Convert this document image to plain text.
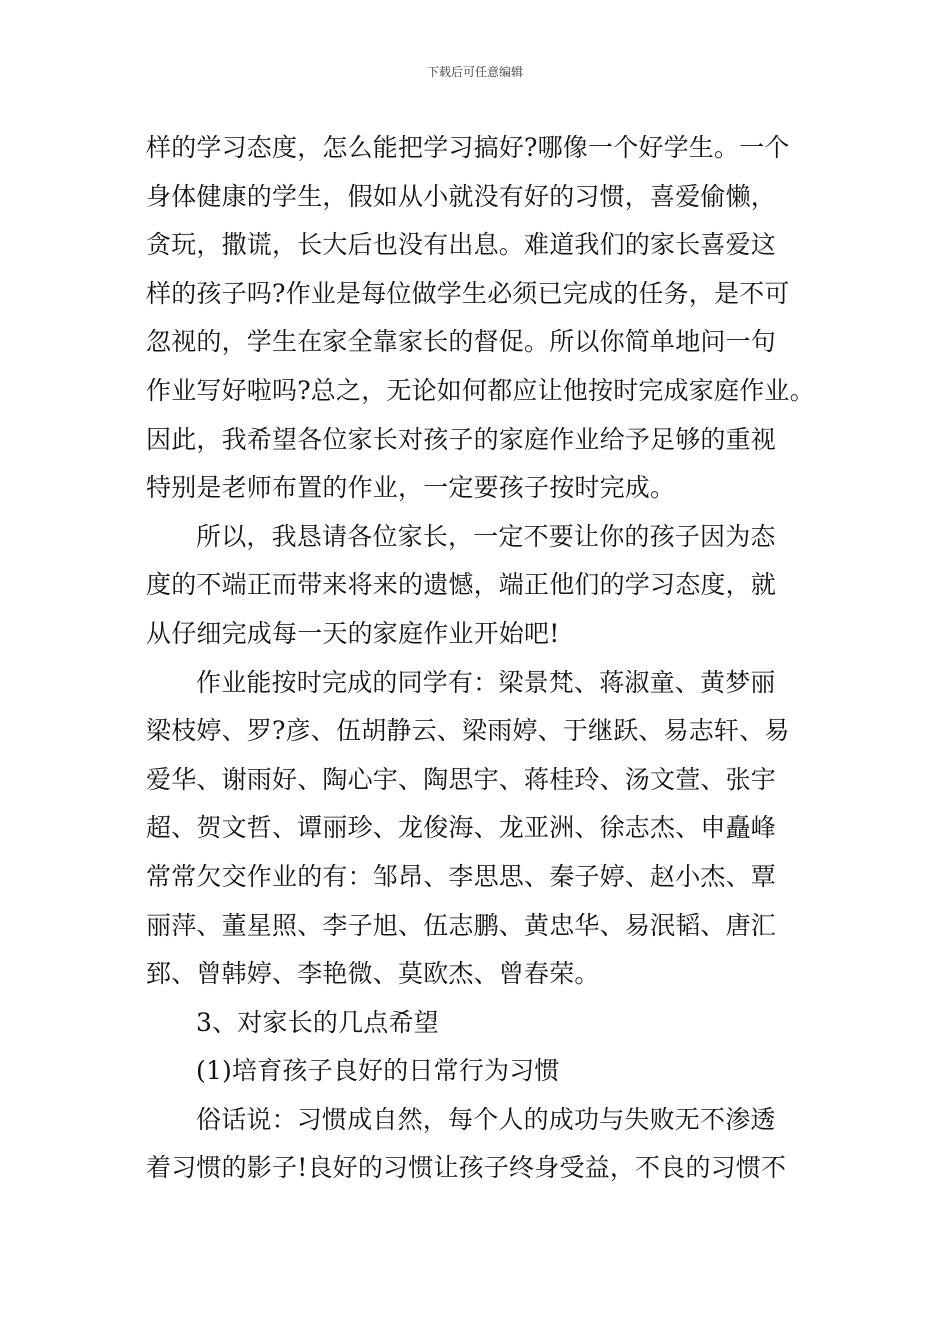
下载后可任意编辑
样的学习态度，怎么能把学习搞好?哪像一个好学生。一个
身体健康的学生，假如从小就没有好的习惯，喜爱偷懒，
贪玩，撒谎，长大后也没有出息。难道我们的家长喜爱这
样的孩子吗?作业是每位做学生必须已完成的任务，是不可
忽视的，学生在家全靠家长的督促。所以你简单地问一句
作业写好啦吗?总之，无论如何都应让他按时完成家庭作业。
因此，我希望各位家长对孩子的家庭作业给予足够的重视
特别是老师布置的作业，一定要孩子按时完成。
所以，我恳请各位家长，一定不要让你的孩子因为态
度的不端正而带来将来的遗憾，端正他们的学习态度，就
从仔细完成每一天的家庭作业开始吧!
作业能按时完成的同学有：梁景梵、蒋淑童、黄梦丽
梁枝婷、罗?彦、伍胡静云、梁雨婷、于继跃、易志轩、易
爱华、谢雨好、陶心宇、陶思宇、蒋桂玲、汤文萱、张宇
超、贺文哲、谭丽珍、龙俊海、龙亚洲、徐志杰、申矗峰
常常欠交作业的有：邹昂、李思思、秦子婷、赵小杰、覃
丽萍、董星照、李子旭、伍志鹏、黄忠华、易泯韬、唐汇
郅、曾韩婷、李艳微、莫欧杰、曾春荣。
3、对家长的几点希望
(1)培育孩子良好的日常行为习惯
俗话说：习惯成自然，每个人的成功与失败无不渗透
着习惯的影子!良好的习惯让孩子终身受益，不良的习惯不
